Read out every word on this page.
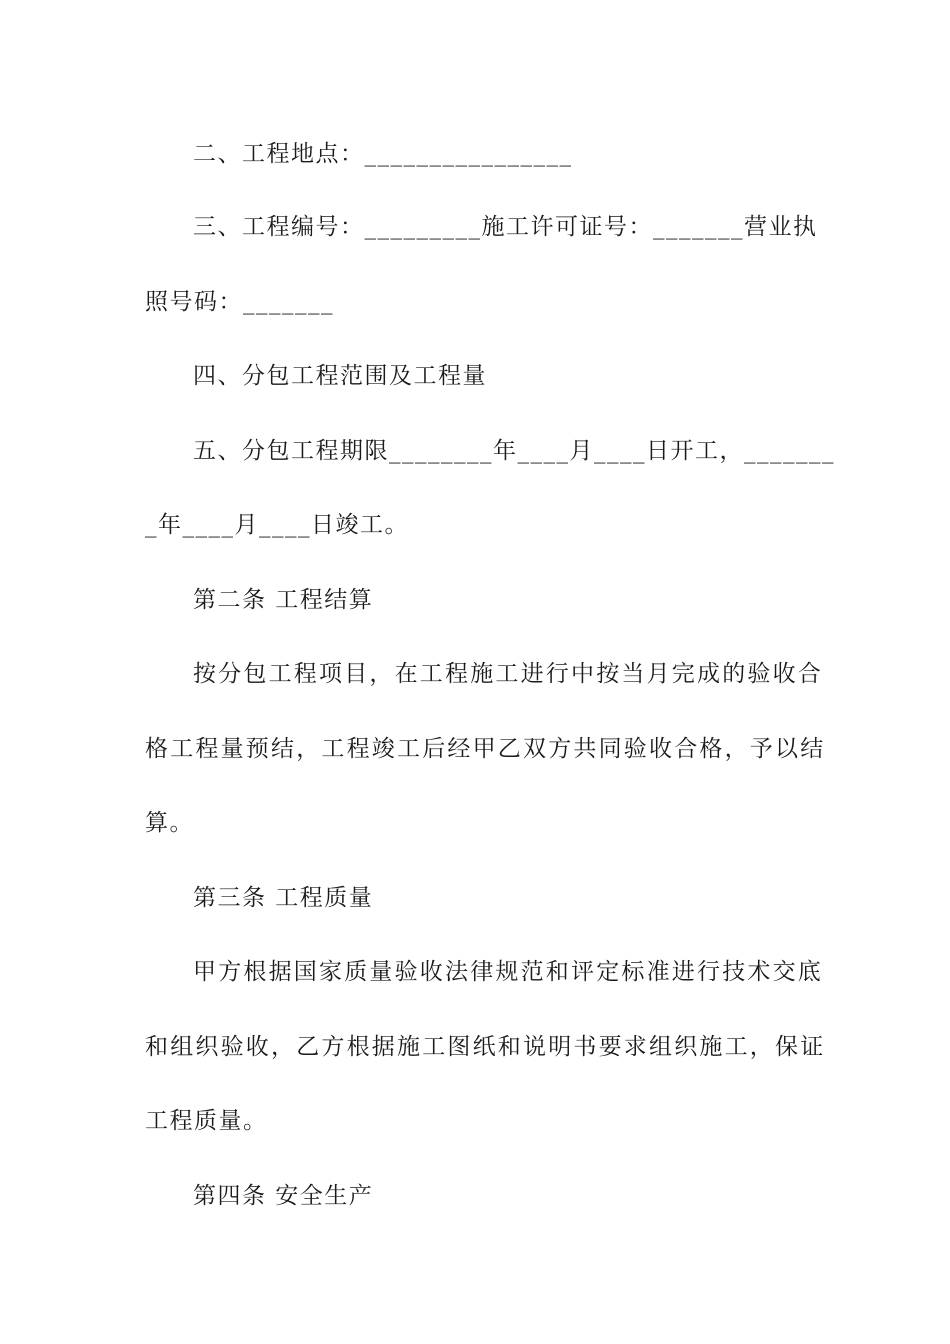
二、工程地点：________________
三、工程编号：_________施工许可证号：_______营业执
照号码：_______
四、分包工程范围及工程量
五、分包工程期限________年____月____日开工，_______
_年____月____日竣工。
第二条 工程结算
按分包工程项目，在工程施工进行中按当月完成的验收合
格工程量预结，工程竣工后经甲乙双方共同验收合格，予以结
算。
第三条 工程质量
甲方根据国家质量验收法律规范和评定标准进行技术交底
和组织验收，乙方根据施工图纸和说明书要求组织施工，保证
工程质量。
第四条 安全生产
